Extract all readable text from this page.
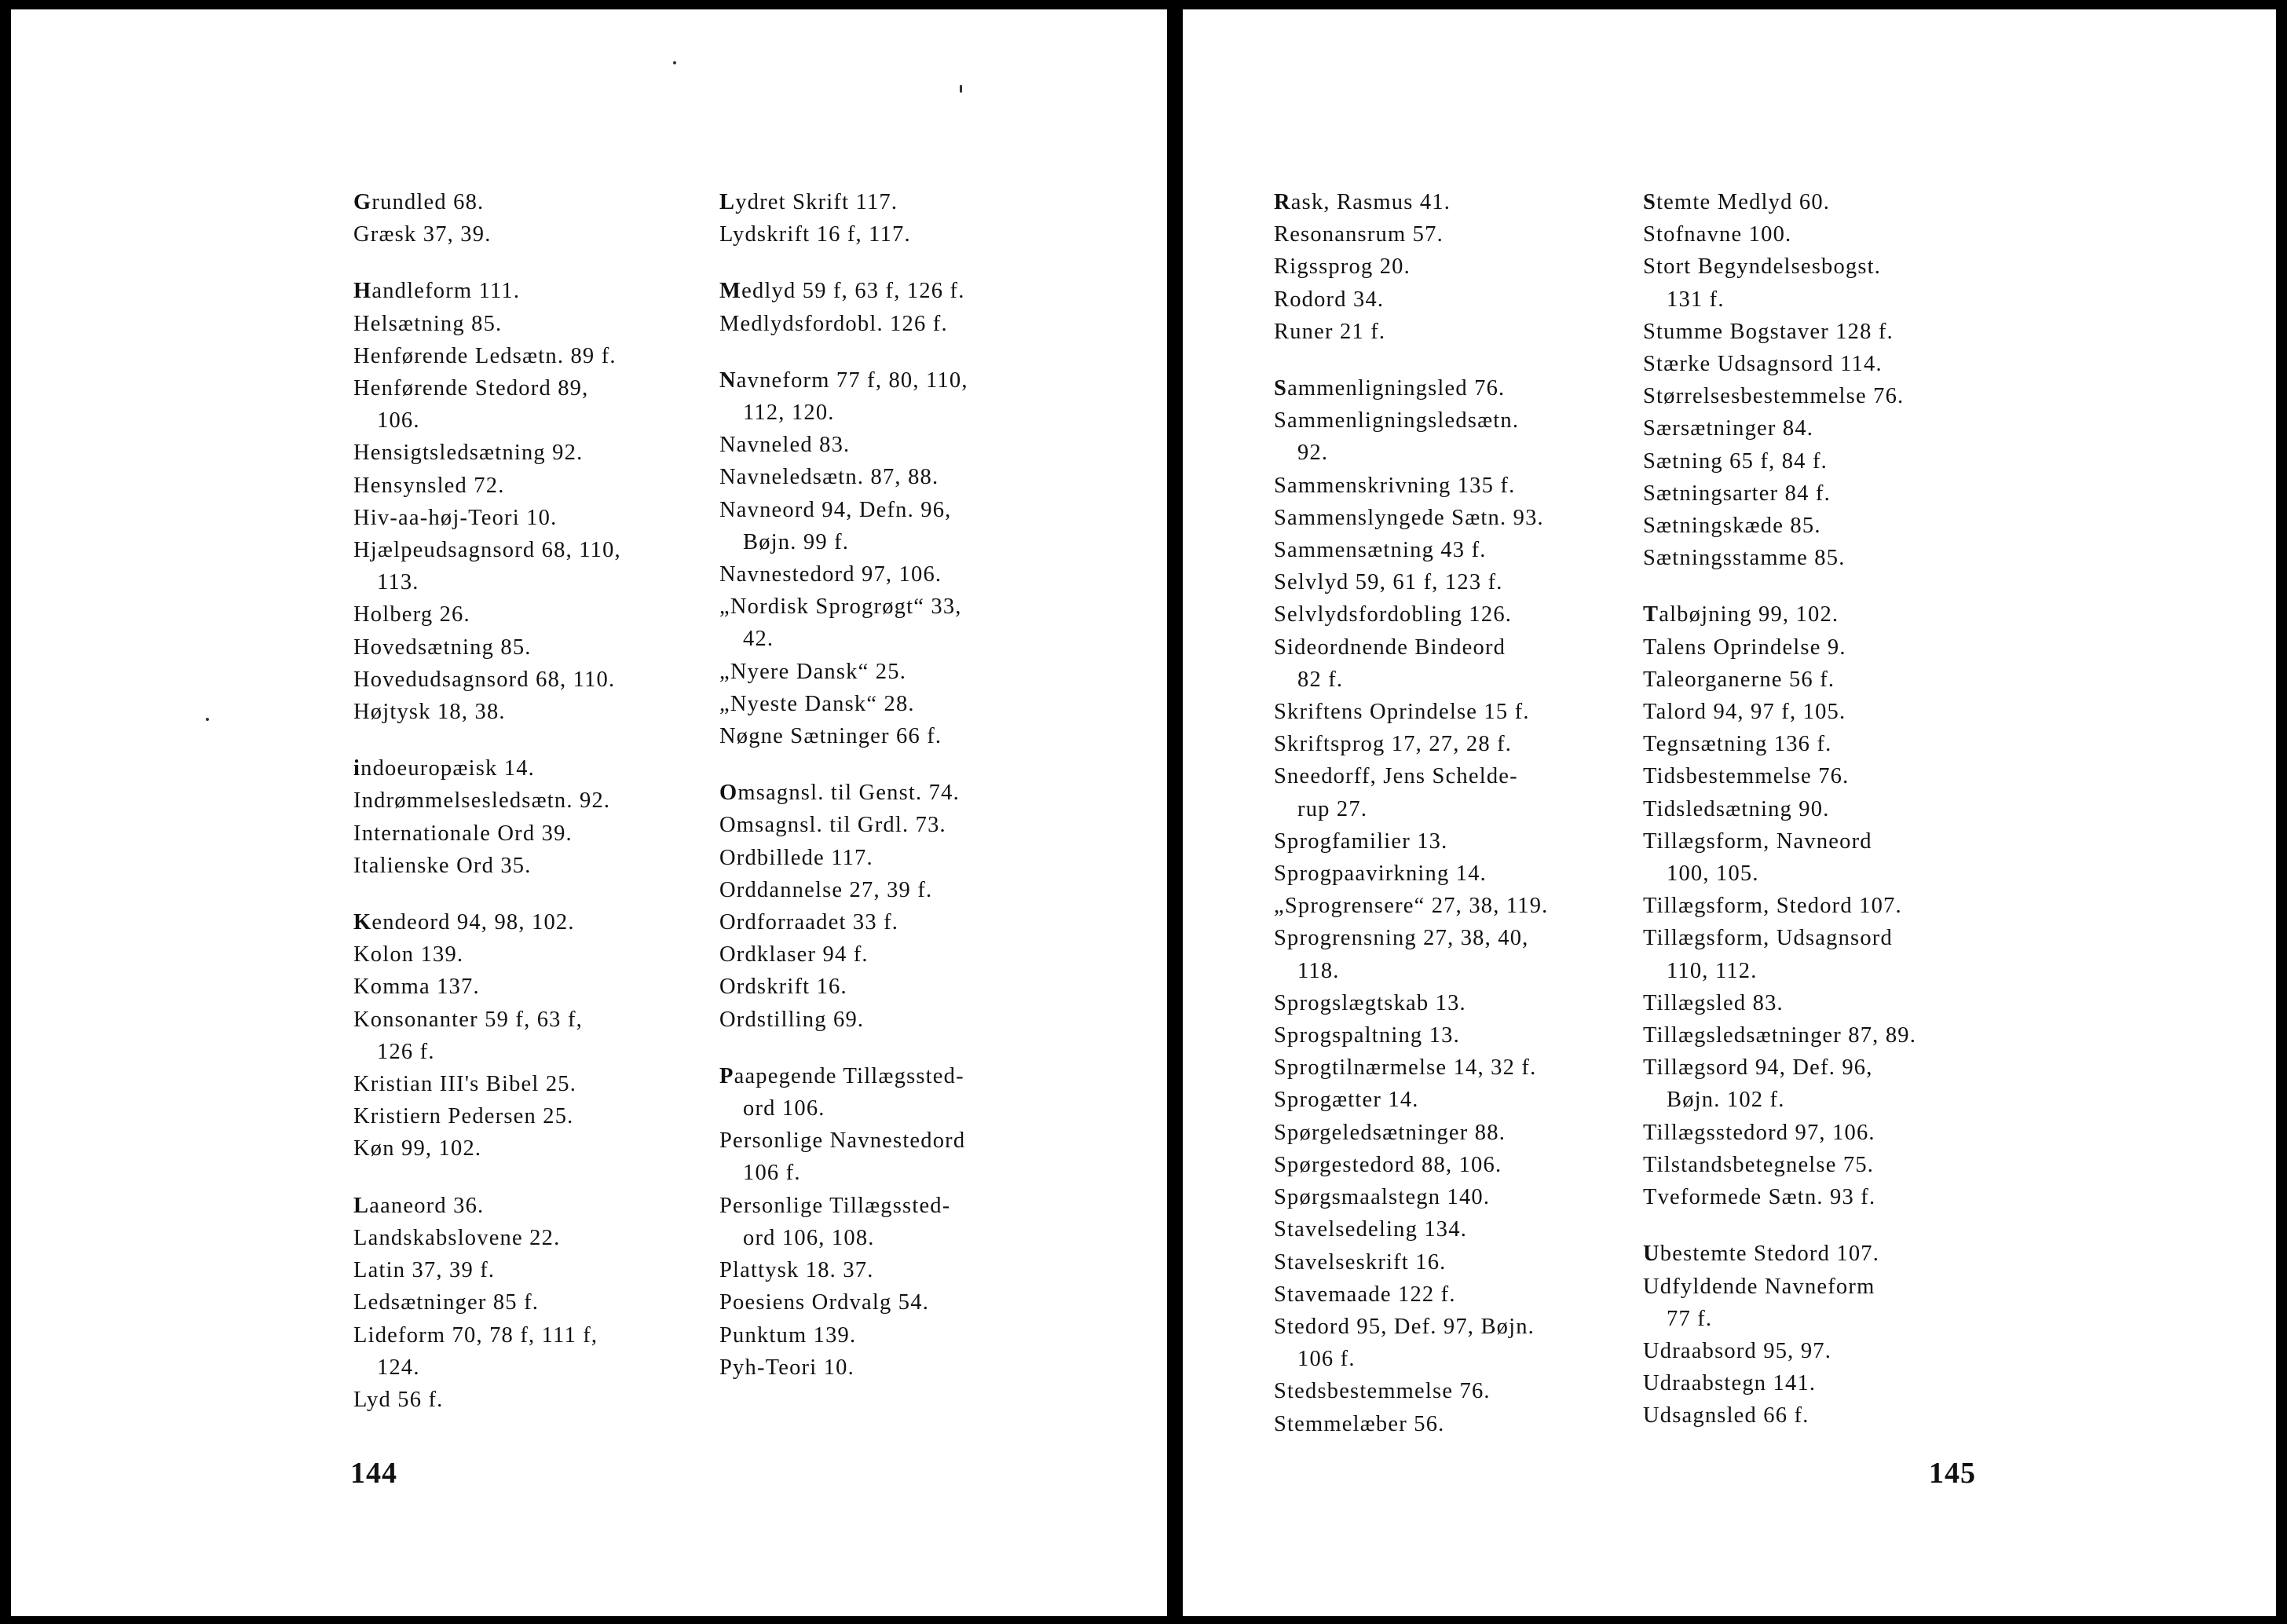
Grundled 68.
Græsk 37, 39.
Handleform 111.
Helsætning 85.
Henførende Ledsætn. 89 f.
Henførende Stedord 89,
106.
Hensigtsledsætning 92.
Hensynsled 72.
Hiv-aa-høj-Teori 10.
Hjælpeudsagnsord 68, 110,
113.
Holberg 26.
Hovedsætning 85.
Hovedudsagnsord 68, 110.
Højtysk 18, 38.
indoeuropæisk 14.
Indrømmelsesledsætn. 92.
Internationale Ord 39.
Italienske Ord 35.
Kendeord 94, 98, 102.
Kolon 139.
Komma 137.
Konsonanter 59 f, 63 f,
126 f.
Kristian III's Bibel 25.
Kristiern Pedersen 25.
Køn 99, 102.
Laaneord 36.
Landskabslovene 22.
Latin 37, 39 f.
Ledsætninger 85 f.
Lideform 70, 78 f, 111 f,
124.
Lyd 56 f.
Lydret Skrift 117.
Lydskrift 16 f, 117.
Medlyd 59 f, 63 f, 126 f.
Medlydsfordobl. 126 f.
Navneform 77 f, 80, 110,
112, 120.
Navneled 83.
Navneledsætn. 87, 88.
Navneord 94, Defn. 96,
Bøjn. 99 f.
Navnestedord 97, 106.
„Nordisk Sprogrøgt“ 33,
42.
„Nyere Dansk“ 25.
„Nyeste Dansk“ 28.
Nøgne Sætninger 66 f.
Omsagnsl. til Genst. 74.
Omsagnsl. til Grdl. 73.
Ordbillede 117.
Orddannelse 27, 39 f.
Ordforraadet 33 f.
Ordklaser 94 f.
Ordskrift 16.
Ordstilling 69.
Paapegende Tillægssted-
ord 106.
Personlige Navnestedord
106 f.
Personlige Tillægssted-
ord 106, 108.
Plattysk 18. 37.
Poesiens Ordvalg 54.
Punktum 139.
Pyh-Teori 10.
144
Rask, Rasmus 41.
Resonansrum 57.
Rigssprog 20.
Rodord 34.
Runer 21 f.
Sammenligningsled 76.
Sammenligningsledsætn.
92.
Sammenskrivning 135 f.
Sammenslyngede Sætn. 93.
Sammensætning 43 f.
Selvlyd 59, 61 f, 123 f.
Selvlydsfordobling 126.
Sideordnende Bindeord
82 f.
Skriftens Oprindelse 15 f.
Skriftsprog 17, 27, 28 f.
Sneedorff, Jens Schelde-
rup 27.
Sprogfamilier 13.
Sprogpaavirkning 14.
„Sprogrensere“ 27, 38, 119.
Sprogrensning 27, 38, 40,
118.
Sprogslægtskab 13.
Sprogspaltning 13.
Sprogtilnærmelse 14, 32 f.
Sprogætter 14.
Spørgeledsætninger 88.
Spørgestedord 88, 106.
Spørgsmaalstegn 140.
Stavelsedeling 134.
Stavelseskrift 16.
Stavemaade 122 f.
Stedord 95, Def. 97, Bøjn.
106 f.
Stedsbestemmelse 76.
Stemmelæber 56.
Stemte Medlyd 60.
Stofnavne 100.
Stort Begyndelsesbogst.
131 f.
Stumme Bogstaver 128 f.
Stærke Udsagnsord 114.
Størrelsesbestemmelse 76.
Særsætninger 84.
Sætning 65 f, 84 f.
Sætningsarter 84 f.
Sætningskæde 85.
Sætningsstamme 85.
Talbøjning 99, 102.
Talens Oprindelse 9.
Taleorganerne 56 f.
Talord 94, 97 f, 105.
Tegnsætning 136 f.
Tidsbestemmelse 76.
Tidsledsætning 90.
Tillægsform, Navneord
100, 105.
Tillægsform, Stedord 107.
Tillægsform, Udsagnsord
110, 112.
Tillægsled 83.
Tillægsledsætninger 87, 89.
Tillægsord 94, Def. 96,
Bøjn. 102 f.
Tillægsstedord 97, 106.
Tilstandsbetegnelse 75.
Tveformede Sætn. 93 f.
Ubestemte Stedord 107.
Udfyldende Navneform
77 f.
Udraabsord 95, 97.
Udraabstegn 141.
Udsagnsled 66 f.
145
